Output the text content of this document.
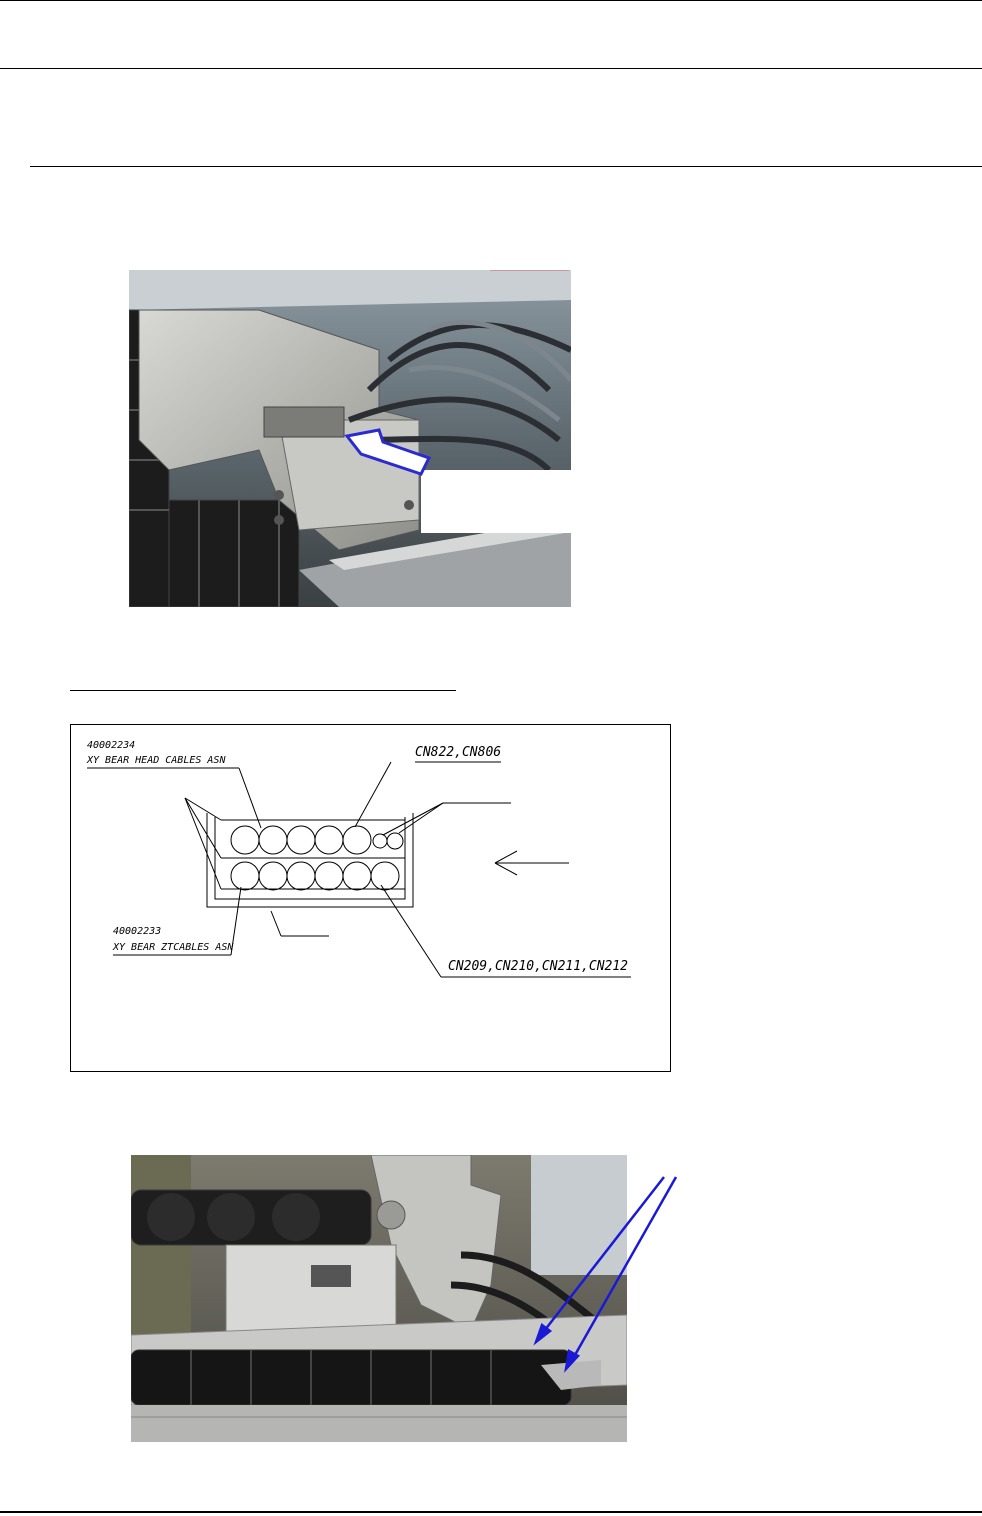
40002234
XY BEAR HEAD CABLES ASN
CN822,CN806
40002233
XY BEAR ZTCABLES ASN
CN209,CN210,CN211,CN212
